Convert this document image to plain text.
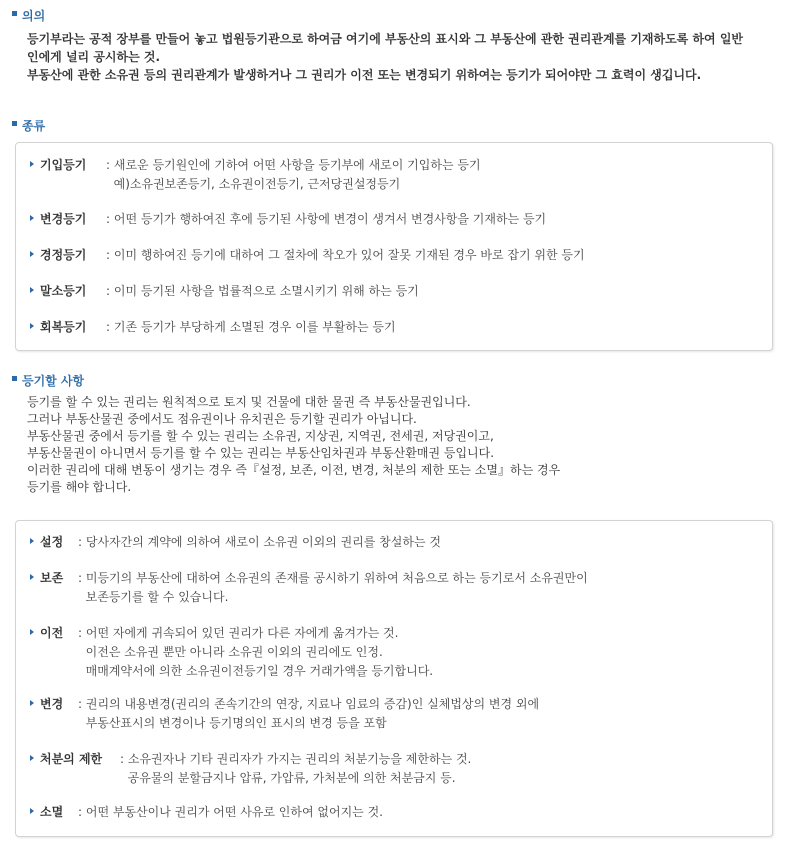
의의
등기부라는 공적 장부를 만들어 놓고 법원등기관으로 하여금 여기에 부동산의 표시와 그 부동산에 관한 권리관계를 기재하도록 하여 일반
인에게 널리 공시하는 것.
부동산에 관한 소유권 등의 권리관계가 발생하거나 그 권리가 이전 또는 변경되기 위하여는 등기가 되어야만 그 효력이 생깁니다.
종류
기입등기 : 새로운 등기원인에 기하여 어떤 사항을 등기부에 새로이 기입하는 등기
예)소유권보존등기, 소유권이전등기, 근저당권설정등기
변경등기 : 어떤 등기가 행하여진 후에 등기된 사항에 변경이 생겨서 변경사항을 기재하는 등기
경정등기 : 이미 행하여진 등기에 대하여 그 절차에 착오가 있어 잘못 기재된 경우 바로 잡기 위한 등기
말소등기 : 이미 등기된 사항을 법률적으로 소멸시키기 위해 하는 등기
회복등기 : 기존 등기가 부당하게 소멸된 경우 이를 부활하는 등기
등기할 사항
등기를 할 수 있는 권리는 원칙적으로 토지 및 건물에 대한 물권 즉 부동산물권입니다.
그러나 부동산물권 중에서도 점유권이나 유치권은 등기할 권리가 아닙니다.
부동산물권 중에서 등기를 할 수 있는 권리는 소유권, 지상권, 지역권, 전세권, 저당권이고,
부동산물권이 아니면서 등기를 할 수 있는 권리는 부동산임차권과 부동산환매권 등입니다.
이러한 권리에 대해 변동이 생기는 경우 즉『설정, 보존, 이전, 변경, 처분의 제한 또는 소멸』하는 경우
등기를 해야 합니다.
설정 : 당사자간의 계약에 의하여 새로이 소유권 이외의 권리를 창설하는 것
보존 : 미등기의 부동산에 대하여 소유권의 존재를 공시하기 위하여 처음으로 하는 등기로서 소유권만이
보존등기를 할 수 있습니다.
이전 : 어떤 자에게 귀속되어 있던 권리가 다른 자에게 옮겨가는 것.
이전은 소유권 뿐만 아니라 소유권 이외의 권리에도 인정.
매매계약서에 의한 소유권이전등기일 경우 거래가액을 등기합니다.
변경 : 권리의 내용변경(권리의 존속기간의 연장, 지료나 임료의 증감)인 실체법상의 변경 외에
부동산표시의 변경이나 등기명의인 표시의 변경 등을 포함
처분의 제한 : 소유권자나 기타 권리자가 가지는 권리의 처분기능을 제한하는 것.
공유물의 분할금지나 압류, 가압류, 가처분에 의한 처분금지 등.
소멸 : 어떤 부동산이나 권리가 어떤 사유로 인하여 없어지는 것.
